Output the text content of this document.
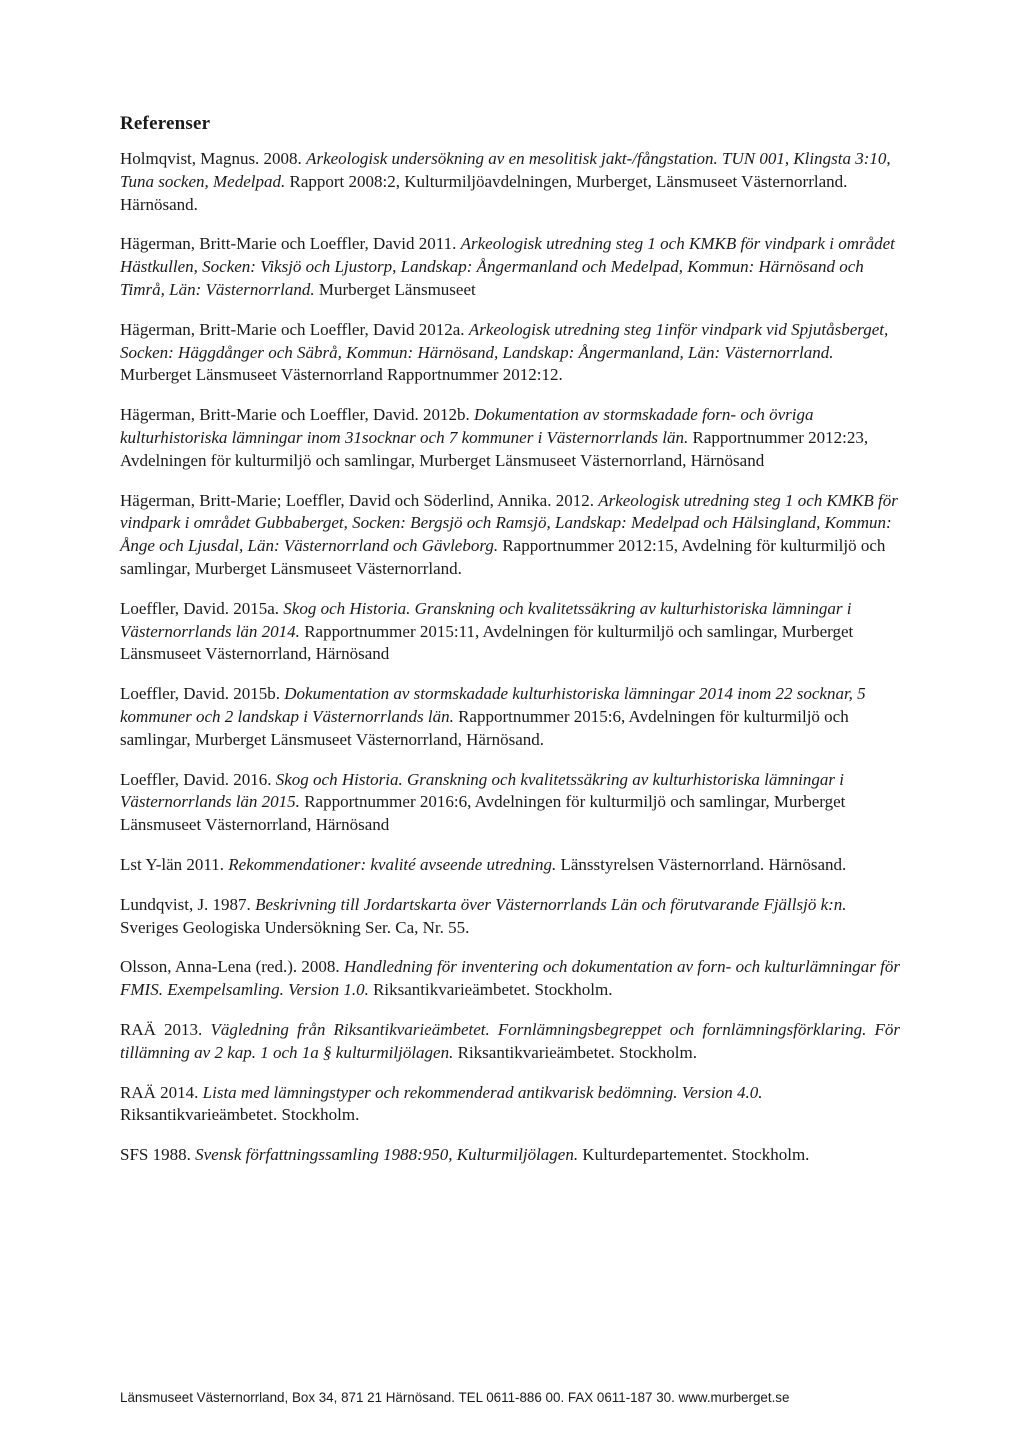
Referenser

Holmqvist, Magnus. 2008. Arkeologisk undersökning av en mesolitisk jakt-/fångstation. TUN 001, Klingsta 3:10, Tuna socken, Medelpad. Rapport 2008:2, Kulturmiljöavdelningen, Murberget, Länsmuseet Västernorrland. Härnösand.

Hägerman, Britt-Marie och Loeffler, David 2011. Arkeologisk utredning steg 1 och KMKB för vindpark i området Hästkullen, Socken: Viksjö och Ljustorp, Landskap: Ångermanland och Medelpad, Kommun: Härnösand och Timrå, Län: Västernorrland. Murberget Länsmuseet

Hägerman, Britt-Marie och Loeffler, David 2012a. Arkeologisk utredning steg 1inför vindpark vid Spjutåsberget, Socken: Häggdånger och Säbrå, Kommun: Härnösand, Landskap: Ångermanland, Län: Västernorrland. Murberget Länsmuseet Västernorrland Rapportnummer 2012:12.

Hägerman, Britt-Marie och Loeffler, David. 2012b. Dokumentation av stormskadade forn- och övriga kulturhistoriska lämningar inom 31socknar och 7 kommuner i Västernorrlands län. Rapportnummer 2012:23, Avdelningen för kulturmiljö och samlingar, Murberget Länsmuseet Västernorrland, Härnösand

Hägerman, Britt-Marie; Loeffler, David och Söderlind, Annika. 2012. Arkeologisk utredning steg 1 och KMKB för vindpark i området Gubbaberget, Socken: Bergsjö och Ramsjö, Landskap: Medelpad och Hälsingland, Kommun: Ånge och Ljusdal, Län: Västernorrland och Gävleborg. Rapportnummer 2012:15, Avdelning för kulturmiljö och samlingar, Murberget Länsmuseet Västernorrland.

Loeffler, David. 2015a. Skog och Historia. Granskning och kvalitetssäkring av kulturhistoriska lämningar i Västernorrlands län 2014. Rapportnummer 2015:11, Avdelningen för kulturmiljö och samlingar, Murberget Länsmuseet Västernorrland, Härnösand

Loeffler, David. 2015b. Dokumentation av stormskadade kulturhistoriska lämningar 2014 inom 22 socknar, 5 kommuner och 2 landskap i Västernorrlands län. Rapportnummer 2015:6, Avdelningen för kulturmiljö och samlingar, Murberget Länsmuseet Västernorrland, Härnösand.

Loeffler, David. 2016. Skog och Historia. Granskning och kvalitetssäkring av kulturhistoriska lämningar i Västernorrlands län 2015. Rapportnummer 2016:6, Avdelningen för kulturmiljö och samlingar, Murberget Länsmuseet Västernorrland, Härnösand

Lst Y-län 2011. Rekommendationer: kvalité avseende utredning. Länsstyrelsen Västernorrland. Härnösand.

Lundqvist, J. 1987. Beskrivning till Jordartskarta över Västernorrlands Län och förutvarande Fjällsjö k:n. Sveriges Geologiska Undersökning Ser. Ca, Nr. 55.

Olsson, Anna-Lena (red.). 2008. Handledning för inventering och dokumentation av forn- och kulturlämningar för FMIS. Exempelsamling. Version 1.0. Riksantikvarieämbetet. Stockholm.

RAÄ 2013. Vägledning från Riksantikvarieämbetet. Fornlämningsbegreppet och fornlämningsförklaring. För tillämning av 2 kap. 1 och 1a § kulturmiljölagen. Riksantikvarieämbetet. Stockholm.

RAÄ 2014. Lista med lämningstyper och rekommenderad antikvarisk bedömning. Version 4.0. Riksantikvarieämbetet. Stockholm.

SFS 1988. Svensk författningssamling 1988:950, Kulturmiljölagen. Kulturdepartementet. Stockholm.

Länsmuseet Västernorrland, Box 34, 871 21 Härnösand. TEL 0611-886 00. FAX 0611-187 30. www.murberget.se
